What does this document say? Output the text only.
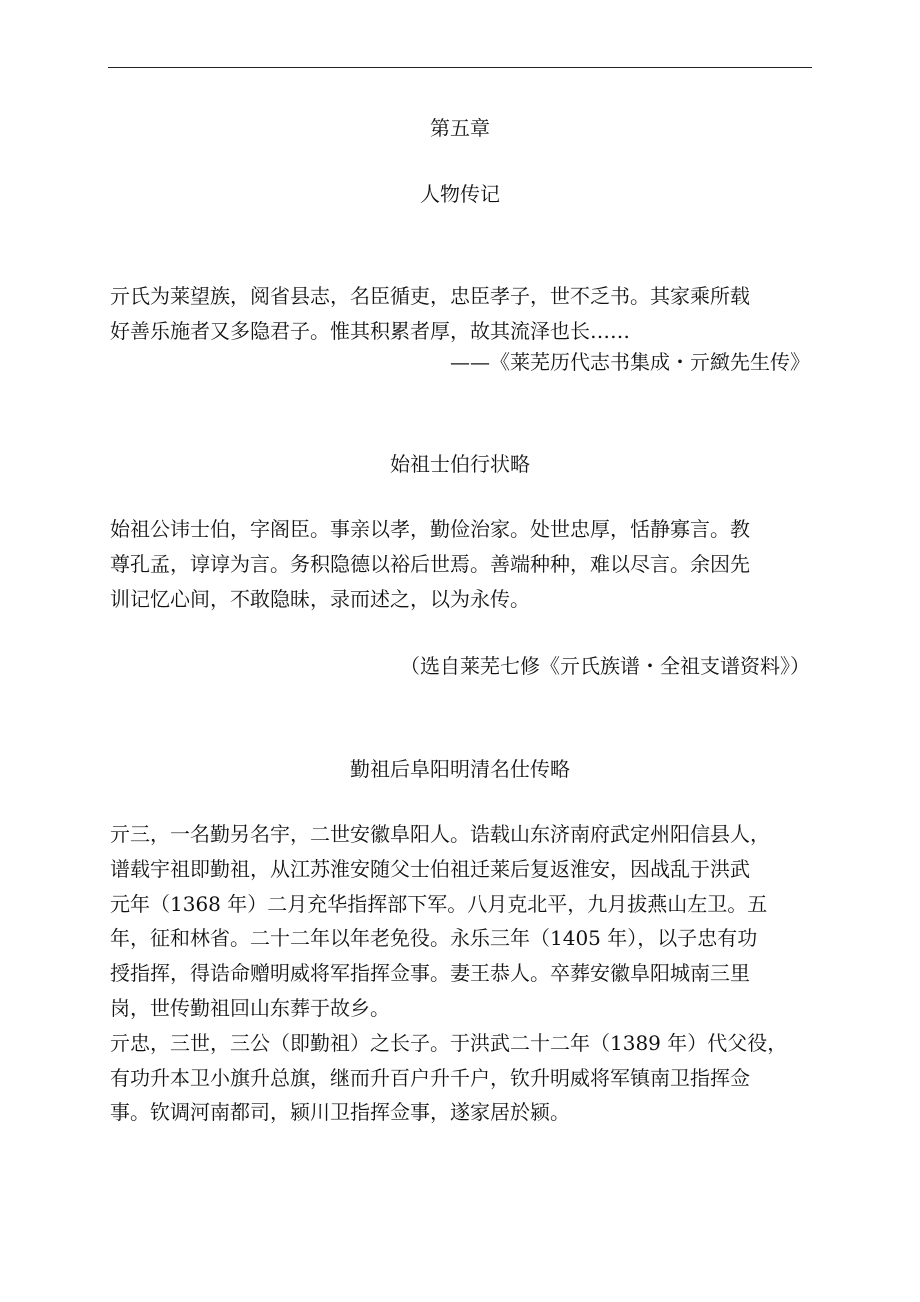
第五章
人物传记
亓氏为莱望族，阅省县志，名臣循吏，忠臣孝子，世不乏书。其家乘所载
好善乐施者又多隐君子。惟其积累者厚，故其流泽也长……
——《莱芜历代志书集成・亓緻先生传》
始祖士伯行状略
始祖公讳士伯，字阁臣。事亲以孝，勤俭治家。处世忠厚，恬静寡言。教
尊孔孟，谆谆为言。务积隐德以裕后世焉。善端种种，难以尽言。余因先
训记忆心间，不敢隐昧，录而述之，以为永传。
（选自莱芜七修《亓氏族谱・全祖支谱资料》）
勤祖后阜阳明清名仕传略
亓三，一名勤另名宇，二世安徽阜阳人。诰载山东济南府武定州阳信县人，
谱载宇祖即勤祖，从江苏淮安随父士伯祖迁莱后复返淮安，因战乱于洪武
元年（1368 年）二月充华指挥部下军。八月克北平，九月拔燕山左卫。五
年，征和林省。二十二年以年老免役。永乐三年（1405 年），以子忠有功
授指挥，得诰命赠明威将军指挥佥事。妻王恭人。卒葬安徽阜阳城南三里
岗，世传勤祖回山东葬于故乡。
亓忠，三世，三公（即勤祖）之长子。于洪武二十二年（1389 年）代父役，
有功升本卫小旗升总旗，继而升百户升千户，钦升明威将军镇南卫指挥佥
事。钦调河南都司，颍川卫指挥佥事，遂家居於颍。
